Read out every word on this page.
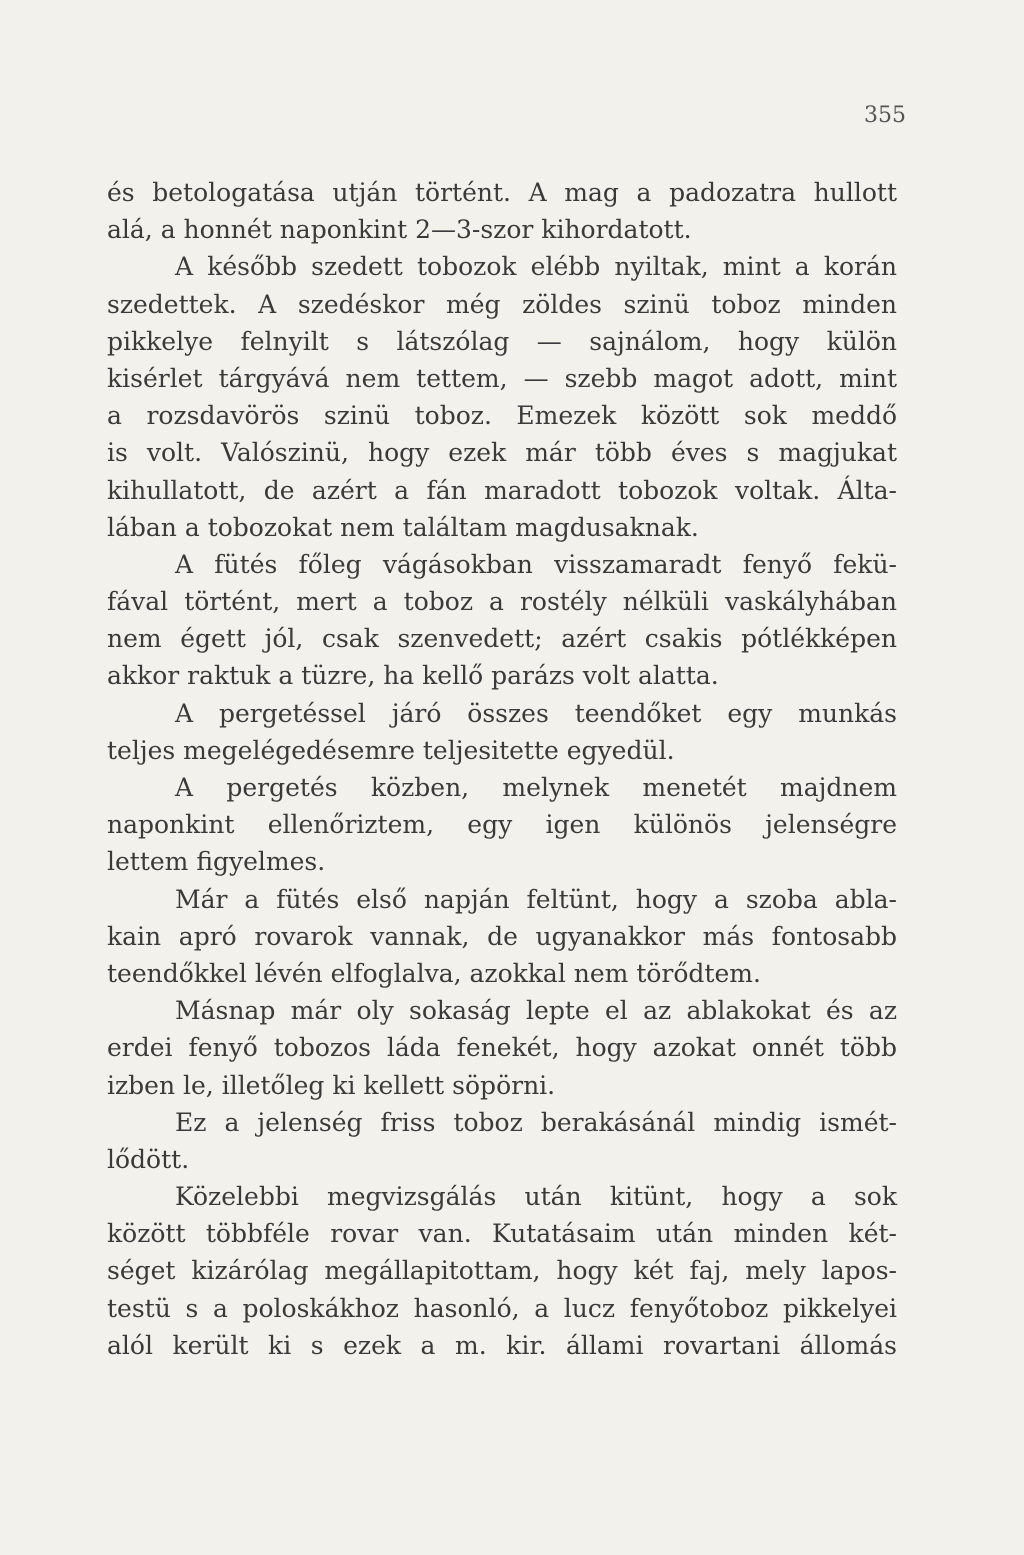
355
és betologatása utján történt. A mag a padozatra hullott
alá, a honnét naponkint 2—3-szor kihordatott.
A később szedett tobozok elébb nyiltak, mint a korán
szedettek. A szedéskor még zöldes szinü toboz minden
pikkelye felnyilt s látszólag — sajnálom, hogy külön
kisérlet tárgyává nem tettem, — szebb magot adott, mint
a rozsdavörös szinü toboz. Emezek között sok meddő
is volt. Valószinü, hogy ezek már több éves s magjukat
kihullatott, de azért a fán maradott tobozok voltak. Álta-
lában a tobozokat nem találtam magdusaknak.
A fütés főleg vágásokban visszamaradt fenyő fekü-
fával történt, mert a toboz a rostély nélküli vaskályhában
nem égett jól, csak szenvedett; azért csakis pótlékképen
akkor raktuk a tüzre, ha kellő parázs volt alatta.
A pergetéssel járó összes teendőket egy munkás
teljes megelégedésemre teljesitette egyedül.
A pergetés közben, melynek menetét majdnem
naponkint ellenőriztem, egy igen különös jelenségre
lettem figyelmes.
Már a fütés első napján feltünt, hogy a szoba abla-
kain apró rovarok vannak, de ugyanakkor más fontosabb
teendőkkel lévén elfoglalva, azokkal nem törődtem.
Másnap már oly sokaság lepte el az ablakokat és az
erdei fenyő tobozos láda fenekét, hogy azokat onnét több
izben le, illetőleg ki kellett söpörni.
Ez a jelenség friss toboz berakásánál mindig ismét-
lődött.
Közelebbi megvizsgálás után kitünt, hogy a sok
között többféle rovar van. Kutatásaim után minden két-
séget kizárólag megállapitottam, hogy két faj, mely lapos-
testü s a poloskákhoz hasonló, a lucz fenyőtoboz pikkelyei
alól került ki s ezek a m. kir. állami rovartani állomás
